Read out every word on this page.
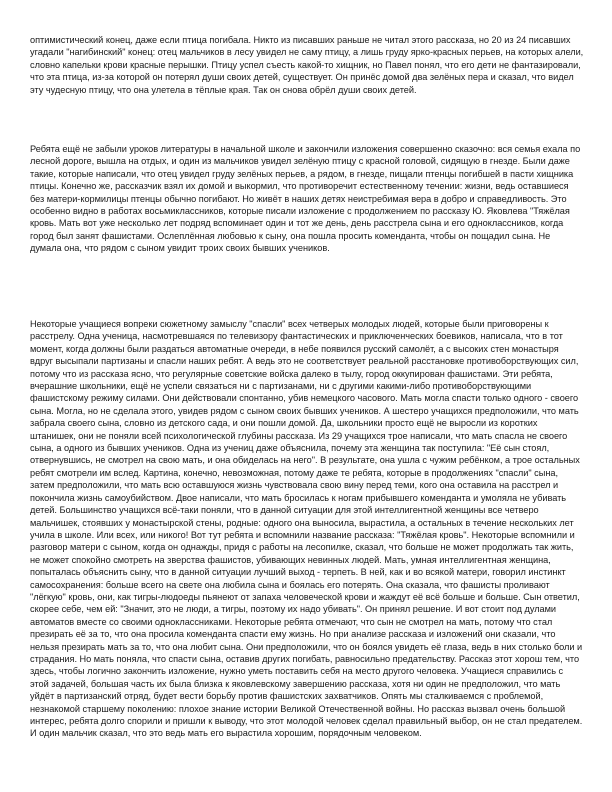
оптимистический конец, даже если птица погибала. Никто из писавших раньше не читал этого рассказа, но 20 из 24 писавших угадали "нагибинский" конец: отец мальчиков в лесу увидел не саму птицу, а лишь груду ярко-красных перьев, на которых алели, словно капельки крови красные перышки. Птицу успел съесть какой-то хищник, но Павел понял, что его дети не фантазировали, что эта птица, из-за которой он потерял души своих детей, существует. Он принёс домой два зелёных пера и сказал, что видел эту чудесную птицу, что она улетела в тёплые края. Так он снова обрёл души своих детей.

Ребята ещё не забыли уроков литературы в начальной школе и закончили изложения совершенно сказочно: вся семья ехала по лесной дороге, вышла на отдых, и один из мальчиков увидел зелёную птицу с красной головой, сидящую в гнезде. Были даже такие, которые написали, что отец увидел груду зелёных перьев, а рядом, в гнезде, пищали птенцы погибшей в пасти хищника птицы. Конечно же, рассказчик взял их домой и выкормил, что противоречит естественному течении: жизни, ведь оставшиеся без матери-кормилицы птенцы обычно погибают. Но живёт в наших детях неистребимая вера в добро и справедливость. Это особенно видно в работах восьмиклассников, которые писали изложение с продолжением по рассказу Ю. Яковлева "Тяжёлая кровь. Мать вот уже несколько лет подряд вспоминает один и тот же день, день расстрела сына и его одноклассников, когда город был занят фашистами. Ослеплённая любовью к сыну, она пошла просить коменданта, чтобы он пощадил сына. Не думала она, что рядом с сыном увидит троих своих бывших учеников.

Некоторые учащиеся вопреки сюжетному замыслу "спасли" всех четверых молодых людей, которые были приговорены к расстрелу. Одна ученица, насмотревшаяся по телевизору фантастических и приключенческих боевиков, написала, что в тот момент, когда должны были раздаться автоматные очереди, в небе появился русский самолёт, а с высоких стен монастыря вдруг высыпали партизаны и спасли наших ребят. А ведь это не соответствует реальной расстановке противоборствующих сил, потому что из рассказа ясно, что регулярные советские войска далеко в тылу, город оккупирован фашистами. Эти ребята, вчерашние школьники, ещё не успели связаться ни с партизанами, ни с другими какими-либо противоборствующими фашистскому режиму силами. Они действовали спонтанно, убив немецкого часового. Мать могла спасти только одного - своего сына. Могла, но не сделала этого, увидев рядом с сыном своих бывших учеников. А шестеро учащихся предположили, что мать забрала своего сына, словно из детского сада, и они пошли домой. Да, школьники просто ещё не выросли из коротких штанишек, они не поняли всей психологической глубины рассказа. Из 29 учащихся трое написали, что мать спасла не своего сына, а одного из бывших учеников. Одна из учениц даже объяснила, почему эта женщина так поступила: "Её сын стоял, отвернувшись, не смотрел на свою мать, и она обиделась на него". В результате, она ушла с чужим ребёнком, а трое остальных ребят смотрели им вслед. Картина, конечно, невозможная, потому даже те ребята, которые в продолжениях "спасли" сына, затем предположили, что мать всю оставшуюся жизнь чувствовала свою вину перед теми, кого она оставила на расстрел и покончила жизнь самоубийством. Двое написали, что мать бросилась к ногам прибывшего коменданта и умоляла не убивать детей. Большинство учащихся всё-таки поняли, что в данной ситуации для этой интеллигентной женщины все четверо мальчишек, стоявших у монастырской стены, родные: одного она выносила, вырастила, а остальных в течение нескольких лет учила в школе. Или всех, или никого! Вот тут ребята и вспомнили название рассказа: "Тяжёлая кровь". Некоторые вспомнили и разговор матери с сыном, когда он однажды, придя с работы на лесопилке, сказал, что больше не может продолжать так жить, не может спокойно смотреть на зверства фашистов, убивающих невинных людей. Мать, умная интеллигентная женщина, попыталась объяснить сыну, что в данной ситуации лучший выход - терпеть. В ней, как и во всякой матери, говорил инстинкт самосохранения: больше всего на свете она любила сына и боялась его потерять. Она сказала, что фашисты проливают "лёгкую" кровь, они, как тигры-людоеды пьянеют от запаха человеческой крови и жаждут её всё больше и больше. Сын ответил, скорее себе, чем ей: "Значит, это не люди, а тигры, поэтому их надо убивать". Он принял решение. И вот стоит под дулами автоматов вместе со своими одноклассниками. Некоторые ребята отмечают, что сын не смотрел на мать, потому что стал презирать её за то, что она просила коменданта спасти ему жизнь. Но при анализе рассказа и изложений они сказали, что нельзя презирать мать за то, что она любит сына. Они предположили, что он боялся увидеть её глаза, ведь в них столько боли и страдания. Но мать поняла, что спасти сына, оставив других погибать, равносильно предательству. Рассказ этот хорош тем, что здесь, чтобы логично закончить изложение, нужно уметь поставить себя на место другого человека. Учащиеся справились с этой задачей, большая часть их была близка к яковлевскому завершению рассказа, хотя ни один не предположил, что мать уйдёт в партизанский отряд, будет вести борьбу против фашистских захватчиков. Опять мы сталкиваемся с проблемой, незнакомой старшему поколению: плохое знание истории Великой Отечественной войны. Но рассказ вызвал очень большой интерес, ребята долго спорили и пришли к выводу, что этот молодой человек сделал правильный выбор, он не стал предателем. И один мальчик сказал, что это ведь мать его вырастила хорошим, порядочным человеком.
